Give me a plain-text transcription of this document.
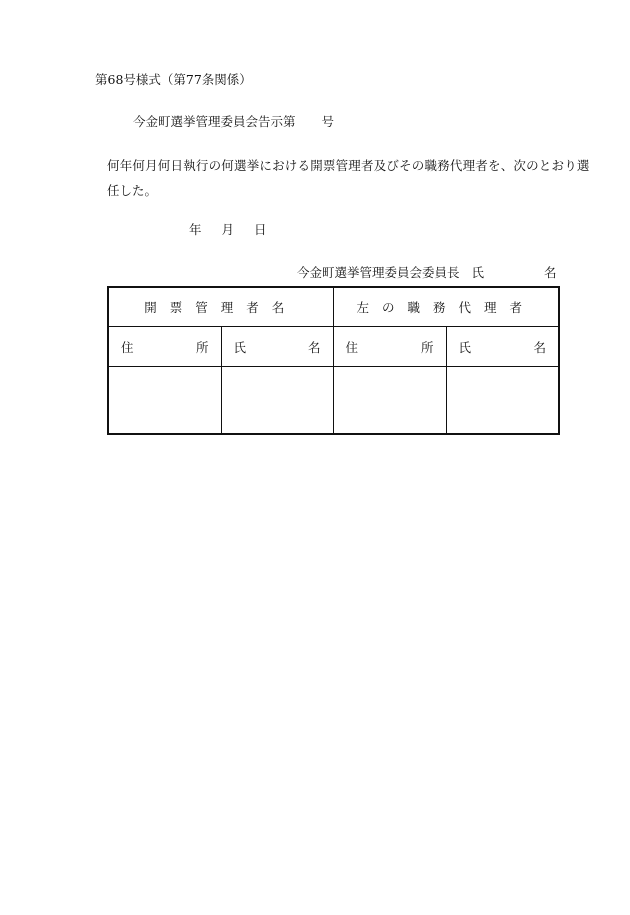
第68号様式（第77条関係）
今金町選挙管理委員会告示第 号
何年何月何日執行の何選挙における開票管理者及びその職務代理者を、次のとおり選
任した。
年 月 日
今金町選挙管理委員会委員長 氏	名
開票管理者名		左の職務代理者	

住 所	氏 名	住 所	氏 名
